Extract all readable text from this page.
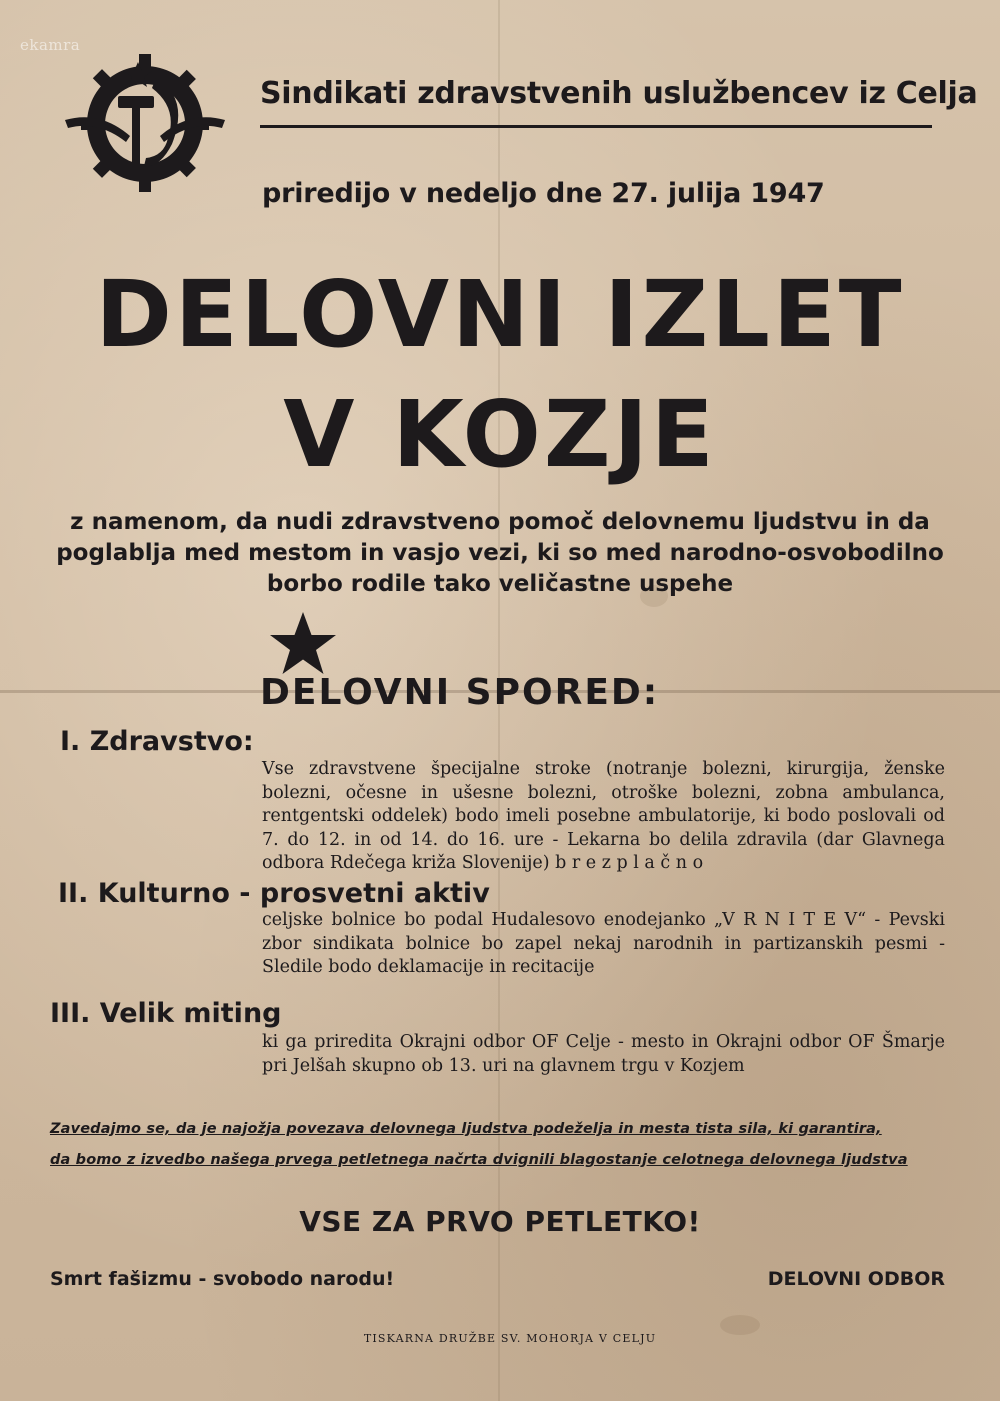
ekamra
Sindikati zdravstvenih uslužbencev iz Celja
priredijo v nedeljo dne 27. julija 1947
DELOVNI IZLET
V KOZJE
z namenom, da nudi zdravstveno pomoč delovnemu ljudstvu in da
poglablja med mestom in vasjo vezi, ki so med narodno-osvobodilno
borbo rodile tako veličastne uspehe
DELOVNI SPORED:
I. Zdravstvo:
Vse zdravstvene špecijalne stroke (notranje bolezni, kirurgija, ženske bolezni, očesne in ušesne bolezni, otroške bolezni, zobna ambulanca, rentgentski oddelek) bodo imeli posebne ambulatorije, ki bodo poslovali od 7. do 12. in od 14. do 16. ure - Lekarna bo delila zdravila (dar Glavnega odbora Rdečega križa Slovenije) b r e z p l a č n o
II. Kulturno - prosvetni aktiv
celjske bolnice bo podal Hudalesovo enodejanko „V R N I T E V“ - Pevski zbor sindikata bolnice bo zapel nekaj narodnih in partizanskih pesmi - Sledile bodo deklamacije in recitacije
III. Velik miting
ki ga priredita Okrajni odbor OF Celje - mesto in Okrajni odbor OF Šmarje pri Jelšah skupno ob 13. uri na glavnem trgu v Kozjem
Zavedajmo se, da je najožja povezava delovnega ljudstva podeželja in mesta tista sila, ki garantira,
da bomo z izvedbo našega prvega petletnega načrta dvignili blagostanje celotnega delovnega ljudstva
VSE ZA PRVO PETLETKO!
Smrt fašizmu - svobodo narodu!	DELOVNI ODBOR
TISKARNA DRUŽBE SV. MOHORJA V CELJU
